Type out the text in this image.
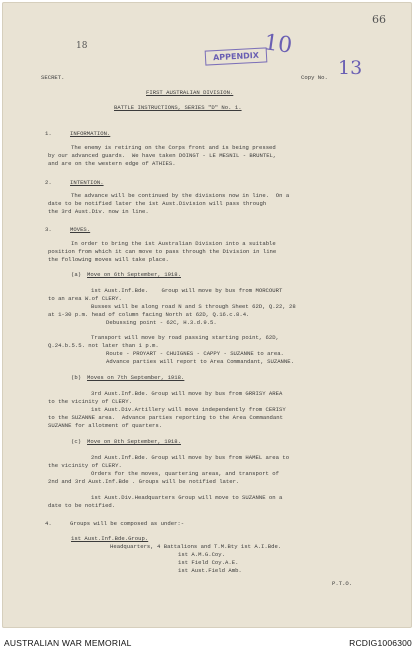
66
18
APPENDIX 10
SECRET.	Copy No. 13
FIRST AUSTRALIAN DIVISION.
BATTLE INSTRUCTIONS, SERIES "D" No. 1.
1.	INFORMATION.
The enemy is retiring on the Corps front and is being pressed
by our advanced guards.  We have taken DOINGT - LE MESNIL - BRUNTEL,
and are on the western edge of ATHIES.
2.	INTENTION.
The advance will be continued by the divisions now in line.  On a
date to be notified later the 1st Aust.Division will pass through
the 3rd Aust.Div. now in line.
3.	MOVES.
In order to bring the 1st Australian Division into a suitable
position from which it can move to pass through the Division in line
the following moves will take place.
(a) Move on 6th September, 1918.
1st Aust.Inf.Bde.    Group will move by bus from MORCOURT
to an area W.of CLERY.
Busses will be along road N and S through Sheet 62D, Q.22, 28
at 1-30 p.m. head of column facing North at 62D, Q.16.c.8.4.
Debussing point - 62C, H.3.d.9.5.
Transport will move by road passing starting point, 62D,
Q.24.b.5.5. not later than 1 p.m.
Route - PROYART - CHUIGNES - CAPPY - SUZANNE to area.
Advance parties will report to Area Commandant, SUZANNE.
(b) Moves on 7th September, 1918.
3rd Aust.Inf.Bde. Group will move by bus from GRRISY AREA
to the vicinity of CLERY.
1st Aust.Div.Artillery will move independently from CERISY
to the SUZANNE area.  Advance parties reporting to the Area Commandant
SUZANNE for allotment of quarters.
(c) Move on 8th September, 1918.
2nd Aust.Inf.Bde. Group will move by bus from HAMEL area to
the vicinity of CLERY.
Orders for the moves, quartering areas, and transport of
2nd and 3rd Aust.Inf.Bde . Groups will be notified later.
1st Aust.Div.Headquarters Group will move to SUZANNE on a
date to be notified.
4.	Groups will be composed as under:-
1st Aust.Inf.Bde.Group.
Headquarters, 4 Battalions and T.M.Bty 1st A.I.Bde.
1st A.M.G.Coy.
1st Field Coy.A.E.
1st Aust.Field Amb.
P.T.O.
AUSTRALIAN WAR MEMORIAL	RCDIG1006300
